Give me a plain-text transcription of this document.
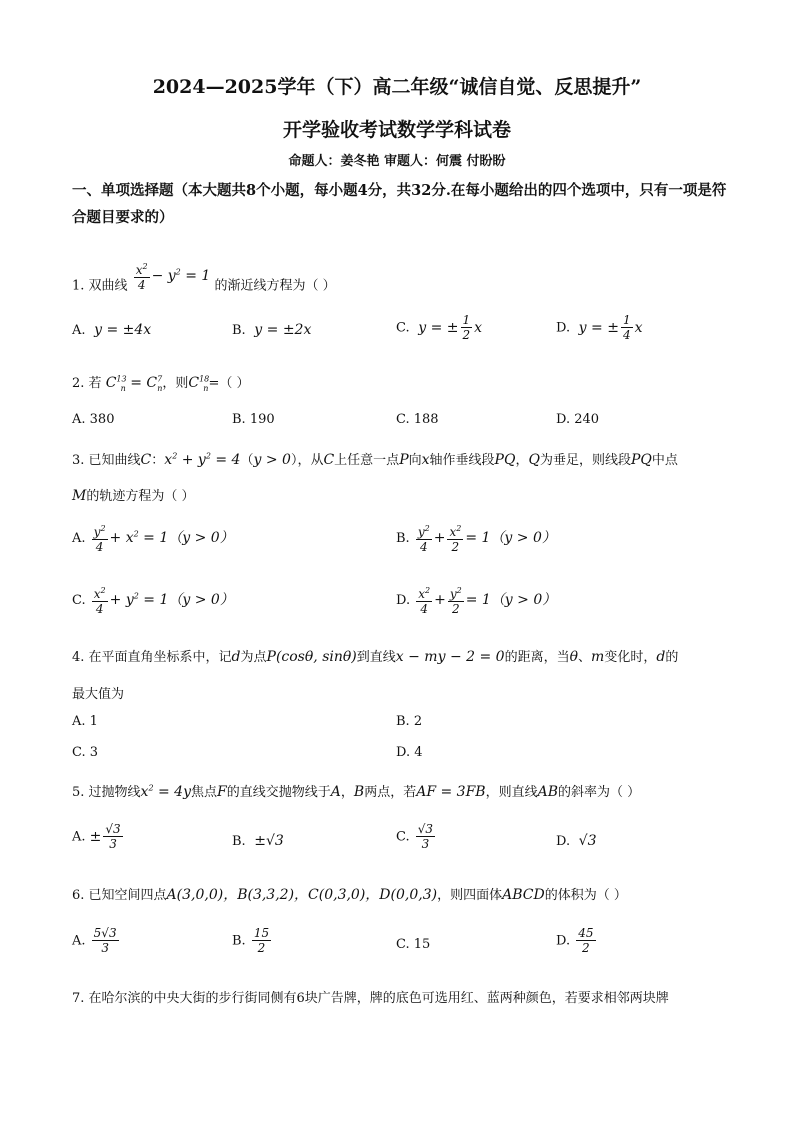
2024—2025学年（下）高二年级“诚信自觉、反思提升”
开学验收考试数学学科试卷
命题人：姜冬艳 审题人：何震 付盼盼
一、单项选择题（本大题共8个小题，每小题4分，共32分.在每小题给出的四个选项中，只有一项是符合题目要求的）
1. 双曲线 $\frac{x^2}{4} - y^2 = 1$ 的渐近线方程为（ ）
A.  y = ±4x	B.  y = ±2x	C.  y = ± $\frac{1}{2}$ x	D.  y = ± $\frac{1}{4}$ x
2. 若 $C^{13}_n = C^7_n$，则$C^{18}_n=$（ ）
A. 380	B. 190	C. 188	D. 240
3. 已知曲线C：$x^2 + y^2 = 4(y > 0)$，从C上任意一点P向x轴作垂线段PQ，Q为垂足，则线段PQ中点
M的轨迹方程为（ ）
A. $\frac{y^2}{4} + x^2 = 1(y > 0)$	B. $\frac{y^2}{4} + \frac{x^2}{2} = 1(y > 0)$
C. $\frac{x^2}{4} + y^2 = 1(y > 0)$	D. $\frac{x^2}{4} + \frac{y^2}{2} = 1(y > 0)$
4. 在平面直角坐标系中，记d为点P(cosθ, sinθ)到直线x − my − 2 = 0的距离，当θ、m变化时，d的
最大值为
A. 1	B. 2
C. 3	D. 4
5. 过抛物线$x^2 = 4y$焦点F的直线交抛物线于A，B两点，若AF = 3FB，则直线AB的斜率为（ ）
A. ± $\frac{√3}{3}$	B.  ±√3	C. $\frac{√3}{3}$	D.  √3
6. 已知空间四点A(3,0,0)，B(3,3,2)，C(0,3,0)，D(0,0,3)，则四面体ABCD的体积为（ ）
A. $\frac{5√3}{3}$	B. $\frac{15}{2}$	C. 15	D. $\frac{45}{2}$
7. 在哈尔滨的中央大街的步行街同侧有6块广告牌，牌的底色可选用红、蓝两种颜色，若要求相邻两块牌
